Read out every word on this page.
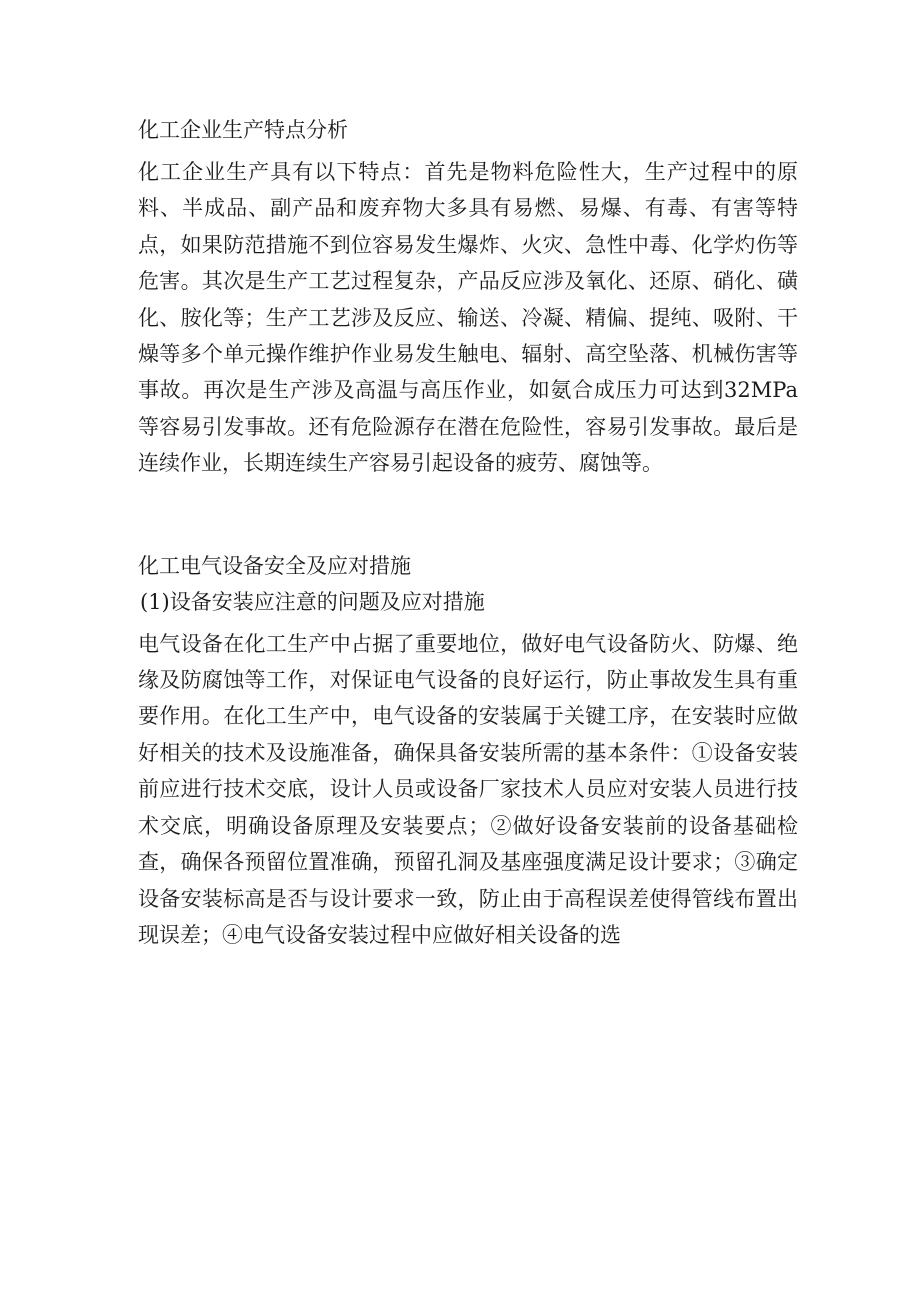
化工企业生产特点分析

化工企业生产具有以下特点：首先是物料危险性大，生产过程中的原料、半成品、副产品和废弃物大多具有易燃、易爆、有毒、有害等特点，如果防范措施不到位容易发生爆炸、火灾、急性中毒、化学灼伤等危害。其次是生产工艺过程复杂，产品反应涉及氧化、还原、硝化、磺化、胺化等；生产工艺涉及反应、输送、冷凝、精偏、提纯、吸附、干燥等多个单元操作维护作业易发生触电、辐射、高空坠落、机械伤害等事故。再次是生产涉及高温与高压作业，如氨合成压力可达到32MPa等容易引发事故。还有危险源存在潜在危险性，容易引发事故。最后是连续作业，长期连续生产容易引起设备的疲劳、腐蚀等。

化工电气设备安全及应对措施
(1)设备安装应注意的问题及应对措施

电气设备在化工生产中占据了重要地位，做好电气设备防火、防爆、绝缘及防腐蚀等工作，对保证电气设备的良好运行，防止事故发生具有重要作用。在化工生产中，电气设备的安装属于关键工序，在安装时应做好相关的技术及设施准备，确保具备安装所需的基本条件：①设备安装前应进行技术交底，设计人员或设备厂家技术人员应对安装人员进行技术交底，明确设备原理及安装要点；②做好设备安装前的设备基础检查，确保各预留位置准确，预留孔洞及基座强度满足设计要求；③确定设备安装标高是否与设计要求一致，防止由于高程误差使得管线布置出现误差；④电气设备安装过程中应做好相关设备的选
